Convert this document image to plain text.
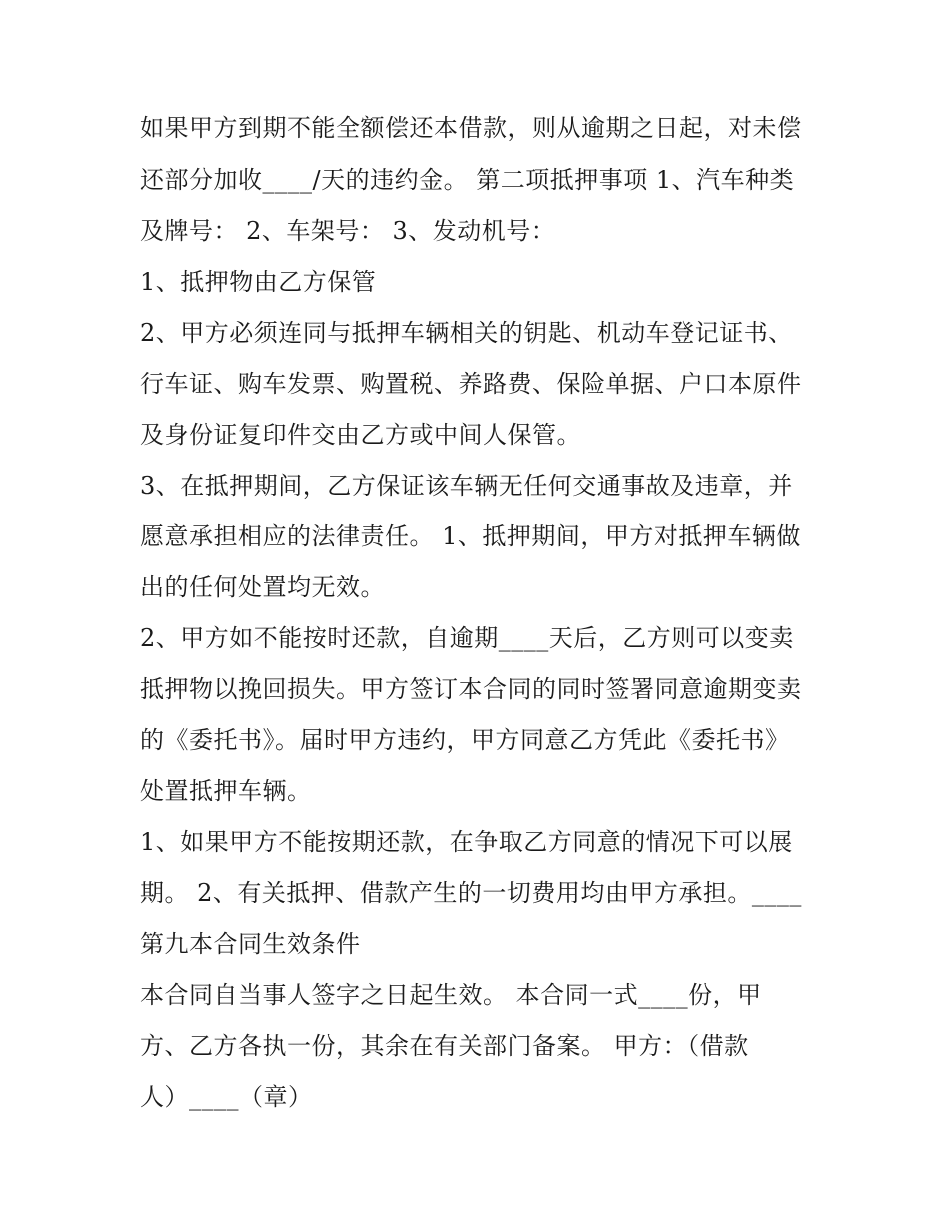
如果甲方到期不能全额偿还本借款，则从逾期之日起，对未偿
还部分加收____/天的违约金。 第二项抵押事项 1、汽车种类
及牌号： 2、车架号： 3、发动机号：
1、抵押物由乙方保管
2、甲方必须连同与抵押车辆相关的钥匙、机动车登记证书、
行车证、购车发票、购置税、养路费、保险单据、户口本原件
及身份证复印件交由乙方或中间人保管。
3、在抵押期间，乙方保证该车辆无任何交通事故及违章，并
愿意承担相应的法律责任。 1、抵押期间，甲方对抵押车辆做
出的任何处置均无效。
2、甲方如不能按时还款，自逾期____天后，乙方则可以变卖
抵押物以挽回损失。甲方签订本合同的同时签署同意逾期变卖
的《委托书》。届时甲方违约，甲方同意乙方凭此《委托书》
处置抵押车辆。
1、如果甲方不能按期还款，在争取乙方同意的情况下可以展
期。 2、有关抵押、借款产生的一切费用均由甲方承担。____
第九本合同生效条件
本合同自当事人签字之日起生效。 本合同一式____份，甲
方、乙方各执一份，其余在有关部门备案。 甲方：（借款
人）____（章）
